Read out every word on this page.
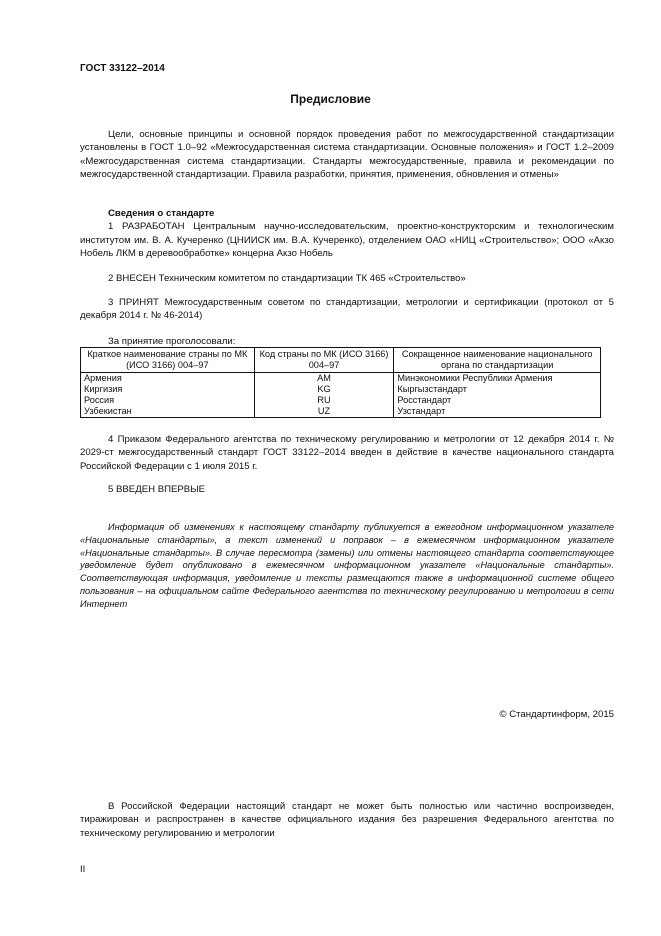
ГОСТ 33122–2014
Предисловие

Цели, основные принципы и основной порядок проведения работ по межгосударственной стандартизации установлены в ГОСТ 1.0–92 «Межгосударственная система стандартизации. Основные положения» и ГОСТ 1.2–2009 «Межгосударственная система стандартизации. Стандарты межгосударственные, правила и рекомендации по межгосударственной стандартизации. Правила разработки, принятия, применения, обновления и отмены»

Сведения о стандарте

1 РАЗРАБОТАН Центральным научно-исследовательским, проектно-конструкторским и технологическим институтом им. В. А. Кучеренко (ЦНИИСК им. В.А. Кучеренко), отделением ОАО «НИЦ «Строительство»; ООО «Акзо Нобель ЛКМ в деревообработке» концерна Акзо Нобель

2 ВНЕСЕН Техническим комитетом по стандартизации ТК 465 «Строительство»

3 ПРИНЯТ Межгосударственным советом по стандартизации, метрологии и сертификации (протокол от 5 декабря 2014 г. № 46-2014)

За принятие проголосовали:

Краткое наименование страны по МК (ИСО 3166) 004–97	Код страны по МК (ИСО 3166) 004–97	Сокращенное наименование национального органа по стандартизации
Армения	AM	Минэкономики Республики Армения
Киргизия	KG	Кыргызстандарт
Россия	RU	Росстандарт
Узбекистан	UZ	Узстандарт

4 Приказом Федерального агентства по техническому регулированию и метрологии от 12 декабря 2014 г. № 2029-ст межгосударственный стандарт ГОСТ 33122–2014 введен в действие в качестве национального стандарта Российской Федерации с 1 июля 2015 г.

5 ВВЕДЕН ВПЕРВЫЕ

Информация об изменениях к настоящему стандарту публикуется в ежегодном информационном указателе «Национальные стандарты», а текст изменений и поправок – в ежемесячном информационном указателе «Национальные стандарты». В случае пересмотра (замены) или отмены настоящего стандарта соответствующее уведомление будет опубликовано в ежемесячном информационном указателе «Национальные стандарты». Соответствующая информация, уведомление и тексты размещаются также в информационной системе общего пользования – на официальном сайте Федерального агентства по техническому регулированию и метрологии в сети Интернет

© Стандартинформ, 2015

В Российской Федерации настоящий стандарт не может быть полностью или частично воспроизведен, тиражирован и распространен в качестве официального издания без разрешения Федерального агентства по техническому регулированию и метрологии

II
